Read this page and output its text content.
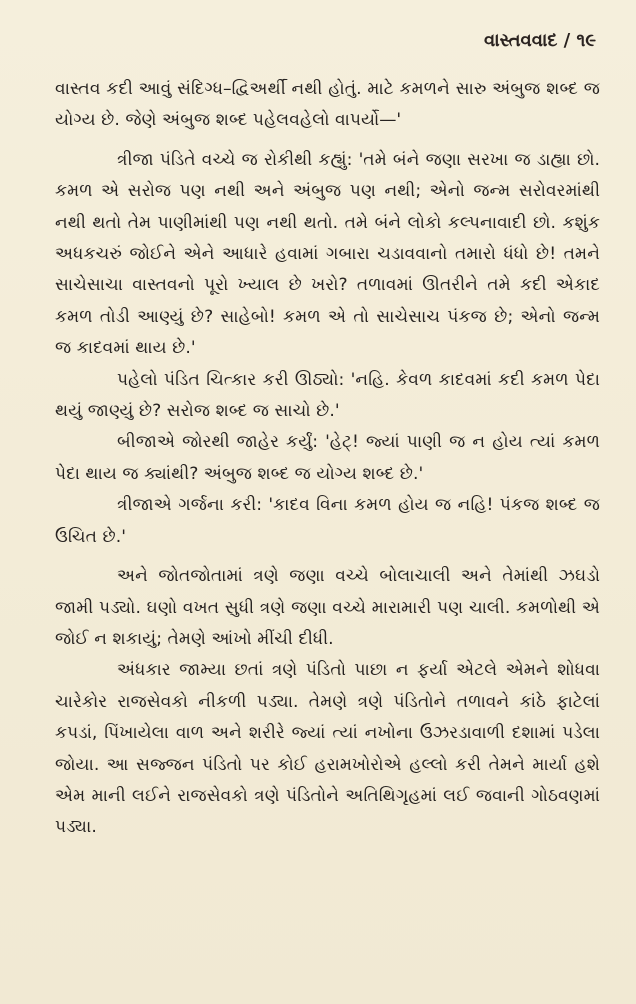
વાસ્તવવાદ / ૧૯

વાસ્તવ કદી આવું સંદિગ્ધ–દ્વિઅર્થી નથી હોતું. માટે કમળને સારુ અંબુજ શબ્દ જ યોગ્ય છે. જેણે અંબુજ શબ્દ પહેલવહેલો વાપર્યો—'

ત્રીજા પંડિતે વચ્ચે જ રોકીથી કહ્યું: 'તમે બંને જણા સરખા જ ડાહ્યા છો. કમળ એ સરોજ પણ નથી અને અંબુજ પણ નથી; એનો જન્મ સરોવરમાંથી નથી થતો તેમ પાણીમાંથી પણ નથી થતો. તમે બંને લોકો કલ્પનાવાદી છો. કશુંક અધકચરું જોઈને એને આધારે હવામાં ગબારા ચડાવવાનો તમારો ધંધો છે! તમને સાચેસાચા વાસ્તવનો પૂરો ખ્યાલ છે ખરો? તળાવમાં ઊતરીને તમે કદી એકાદ કમળ તોડી આણ્યું છે? સાહેબો! કમળ એ તો સાચેસાચ પંકજ છે; એનો જન્મ જ કાદવમાં થાય છે.'

પહેલો પંડિત ચિત્કાર કરી ઊઠ્યો: 'નહિ. કેવળ કાદવમાં કદી કમળ પેદા થયું જાણ્યું છે? સરોજ શબ્દ જ સાચો છે.'

બીજાએ જોરથી જાહેર કર્યું: 'હેટ્! જ્યાં પાણી જ ન હોય ત્યાં કમળ પેદા થાય જ ક્યાંથી? અંબુજ શબ્દ જ યોગ્ય શબ્દ છે.'

ત્રીજાએ ગર્જના કરી: 'કાદવ વિના કમળ હોય જ નહિ! પંકજ શબ્દ જ ઉચિત છે.'

અને જોતજોતામાં ત્રણે જણા વચ્ચે બોલાચાલી અને તેમાંથી ઝઘડો જામી પડ્યો. ઘણો વખત સુધી ત્રણે જણા વચ્ચે મારામારી પણ ચાલી. કમળોથી એ જોઈ ન શકાયું; તેમણે આંખો મીંચી દીધી.

અંધકાર જામ્યા છતાં ત્રણે પંડિતો પાછા ન ફર્યા એટલે એમને શોધવા ચારેકોર રાજસેવકો નીકળી પડ્યા. તેમણે ત્રણે પંડિતોને તળાવને કાંઠે ફાટેલાં કપડાં, પિંખાયેલા વાળ અને શરીરે જ્યાં ત્યાં નખોના ઉઝરડાવાળી દશામાં પડેલા જોયા. આ સજ્જન પંડિતો પર કોઈ હરામખોરોએ હલ્લો કરી તેમને માર્યા હશે એમ માની લઈને રાજસેવકો ત્રણે પંડિતોને અતિથિગૃહમાં લઈ જવાની ગોઠવણમાં પડ્યા.
